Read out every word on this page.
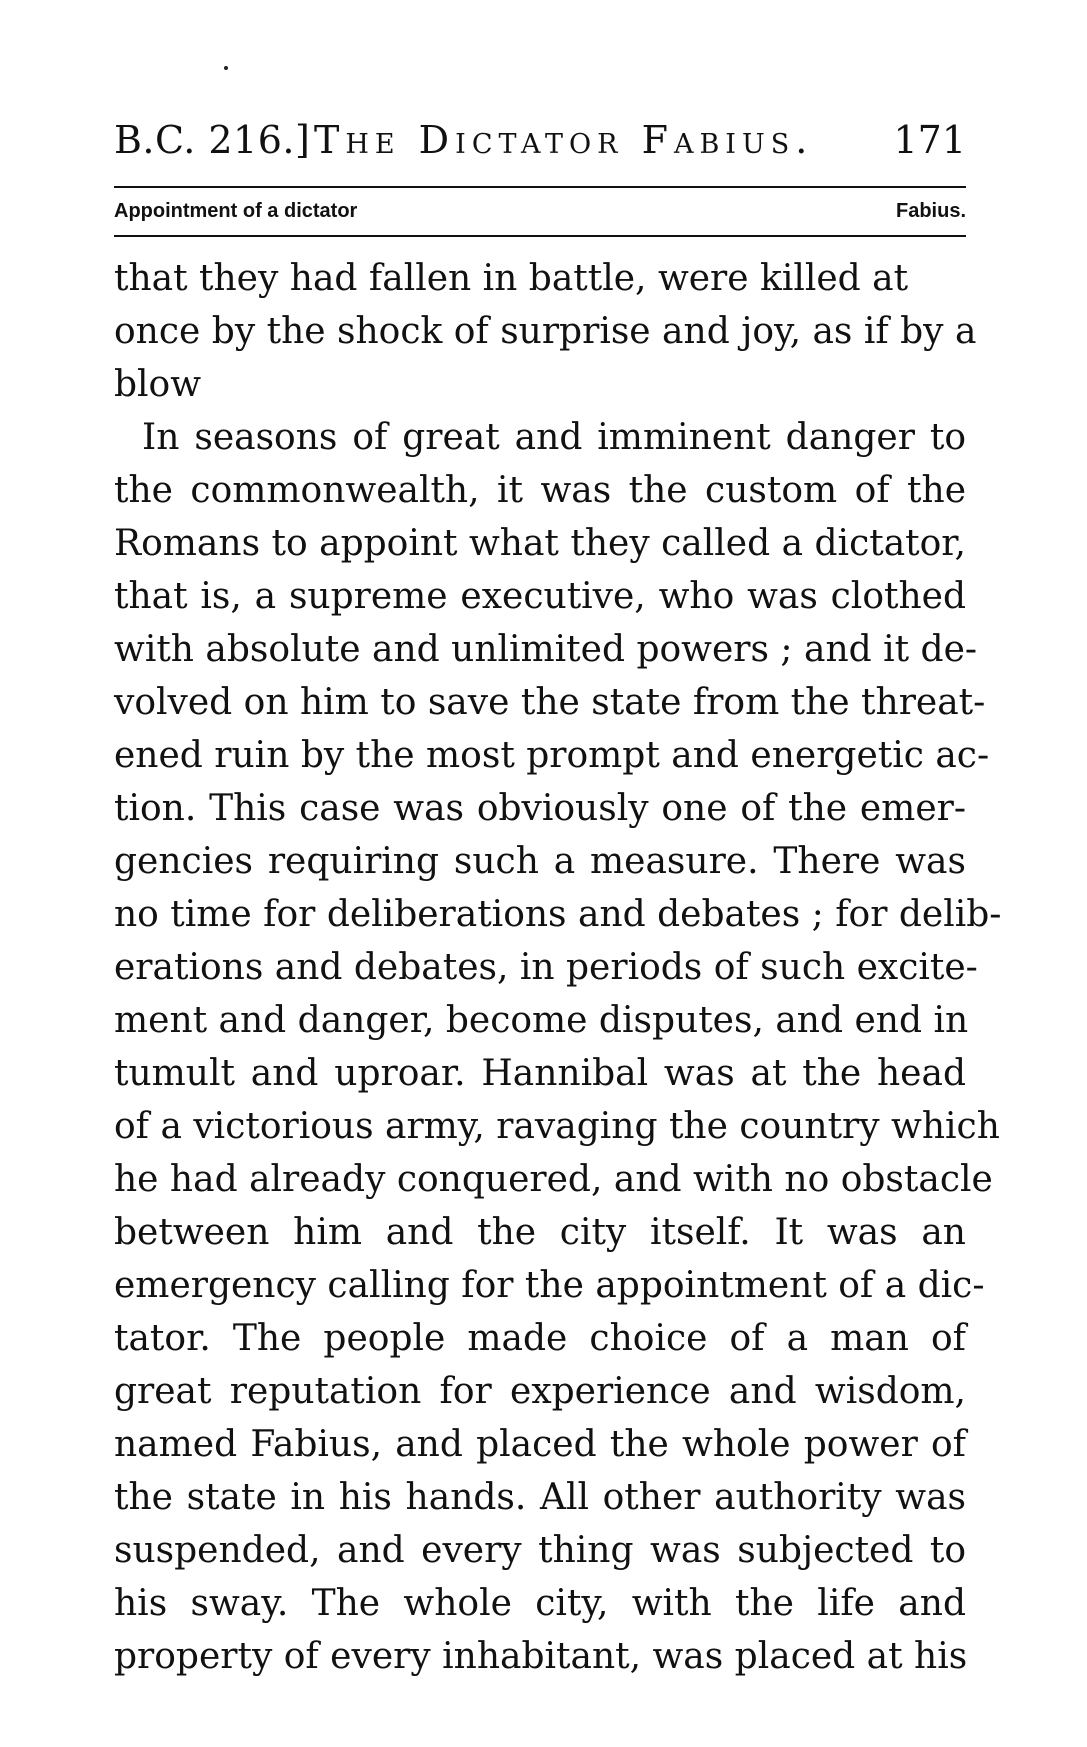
B.C. 216.] The Dictator Fabius. 171
Appointment of a dictator	Fabius.
that they had fallen in battle, were killed at
once by the shock of surprise and joy, as if by a
blow
In seasons of great and imminent danger to
the commonwealth, it was the custom of the
Romans to appoint what they called a dictator,
that is, a supreme executive, who was clothed
with absolute and unlimited powers ; and it de-
volved on him to save the state from the threat-
ened ruin by the most prompt and energetic ac-
tion. This case was obviously one of the emer-
gencies requiring such a measure. There was
no time for deliberations and debates ; for delib-
erations and debates, in periods of such excite-
ment and danger, become disputes, and end in
tumult and uproar. Hannibal was at the head
of a victorious army, ravaging the country which
he had already conquered, and with no obstacle
between him and the city itself. It was an
emergency calling for the appointment of a dic-
tator. The people made choice of a man of
great reputation for experience and wisdom,
named Fabius, and placed the whole power of
the state in his hands. All other authority was
suspended, and every thing was subjected to
his sway. The whole city, with the life and
property of every inhabitant, was placed at his
